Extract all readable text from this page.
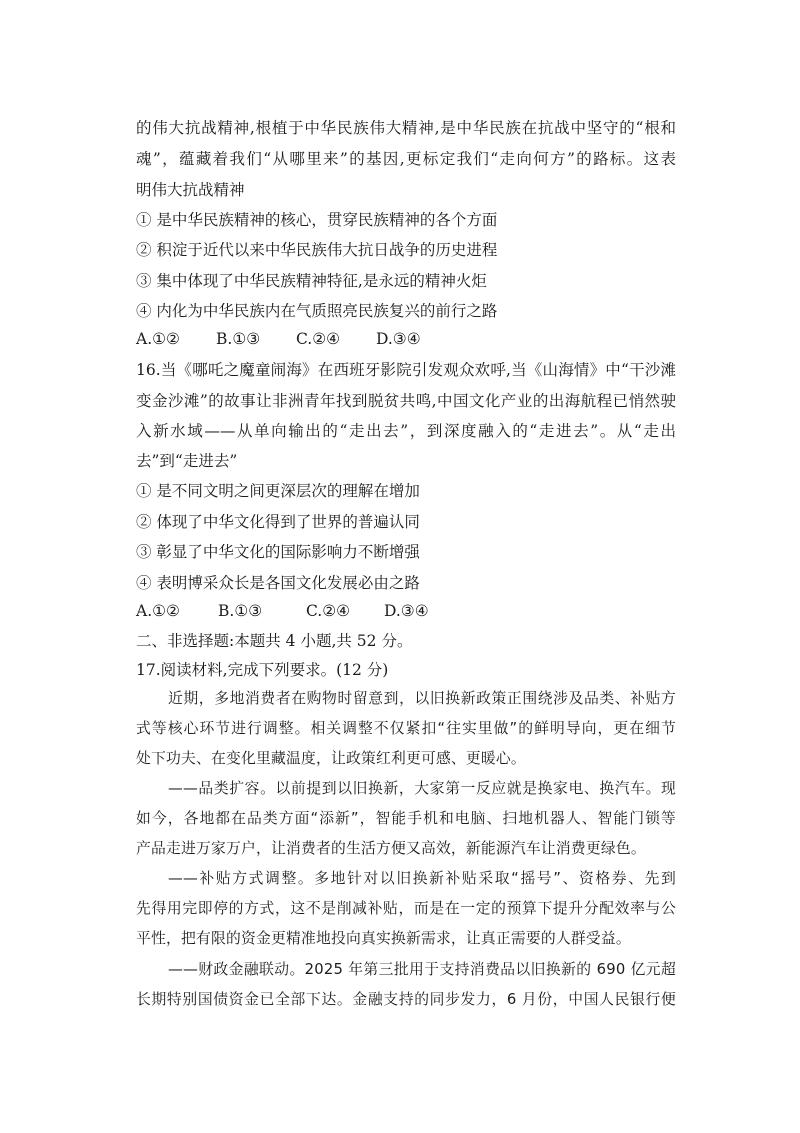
的伟大抗战精神,根植于中华民族伟大精神,是中华民族在抗战中坚守的“根和
魂”，蕴藏着我们“从哪里来”的基因,更标定我们“走向何方”的路标。这表
明伟大抗战精神
① 是中华民族精神的核心，贯穿民族精神的各个方面
② 积淀于近代以来中华民族伟大抗日战争的历史进程
③ 集中体现了中华民族精神特征,是永远的精神火炬
④ 内化为中华民族内在气质照亮民族复兴的前行之路
A.①② B.①③ C.②④ D.③④
16.当《哪吒之魔童闹海》在西班牙影院引发观众欢呼,当《山海情》中“干沙滩
变金沙滩”的故事让非洲青年找到脱贫共鸣,中国文化产业的出海航程已悄然驶
入新水域——从单向输出的“走出去”，到深度融入的“走进去”。从“走出
去”到“走进去”
① 是不同文明之间更深层次的理解在增加
② 体现了中华文化得到了世界的普遍认同
③ 彰显了中华文化的国际影响力不断增强
④ 表明博采众长是各国文化发展必由之路
A.①② B.①③	C.②④ D.③④
二、非选择题:本题共 4 小题,共 52 分。
17.阅读材料,完成下列要求。(12 分)
近期，多地消费者在购物时留意到，以旧换新政策正围绕涉及品类、补贴方
式等核心环节进行调整。相关调整不仅紧扣“往实里做”的鲜明导向，更在细节
处下功夫、在变化里藏温度，让政策红利更可感、更暖心。
——品类扩容。以前提到以旧换新，大家第一反应就是换家电、换汽车。现
如今，各地都在品类方面“添新”，智能手机和电脑、扫地机器人、智能门锁等
产品走进万家万户，让消费者的生活方便又高效，新能源汽车让消费更绿色。
——补贴方式调整。多地针对以旧换新补贴采取“摇号”、资格券、先到
先得用完即停的方式，这不是削减补贴，而是在一定的预算下提升分配效率与公
平性，把有限的资金更精准地投向真实换新需求，让真正需要的人群受益。
——财政金融联动。2025 年第三批用于支持消费品以旧换新的 690 亿元超
长期特别国债资金已全部下达。金融支持的同步发力，6 月份，中国人民银行便
